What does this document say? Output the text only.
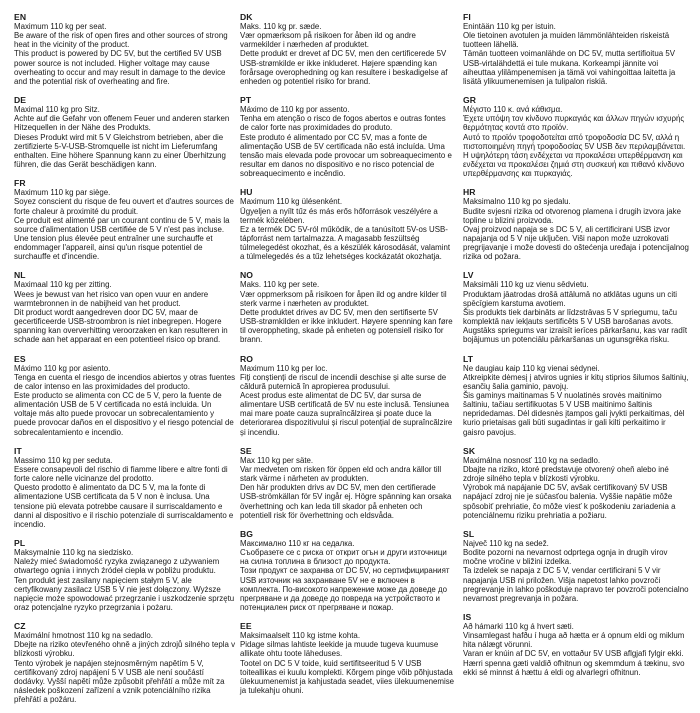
EN

Maximum 110 kg per seat.
Be aware of the risk of open fires and other sources of strong heat in the vicinity of the product.
This product is powered by DC 5V, but the certified 5V USB power source is not included. Higher voltage may cause overheating to occur and may result in damage to the device and the potential risk of overheating and fire.

DE

Maximal 110 kg pro Sitz.
Achte auf die Gefahr von offenem Feuer und anderen starken Hitzequellen in der Nähe des Produkts.
Dieses Produkt wird mit 5 V Gleichstrom betrieben, aber die zertifizierte 5-V-USB-Stromquelle ist nicht im Lieferumfang enthalten. Eine höhere Spannung kann zu einer Überhitzung führen, die das Gerät beschädigen kann.

FR

Maximum 110 kg par siège.
Soyez conscient du risque de feu ouvert et d'autres sources de forte chaleur à proximité du produit.
Ce produit est alimenté par un courant continu de 5 V, mais la source d'alimentation USB certifiée de 5 V n'est pas incluse. Une tension plus élevée peut entraîner une surchauffe et endommager l'appareil, ainsi qu'un risque potentiel de surchauffe et d'incendie.

NL

Maximaal 110 kg per zitting.
Wees je bewust van het risico van open vuur en andere warmtebronnen in de nabijheid van het product.
Dit product wordt aangedreven door DC 5V, maar de gecertificeerde USB-stroombron is niet inbegrepen. Hogere spanning kan oververhitting veroorzaken en kan resulteren in schade aan het apparaat en een potentieel risico op brand.

ES

Máximo 110 kg por asiento.
Tenga en cuenta el riesgo de incendios abiertos y otras fuentes de calor intenso en las proximidades del producto.
Este producto se alimenta con CC de 5 V, pero la fuente de alimentación USB de 5 V certificada no está incluida. Un voltaje más alto puede provocar un sobrecalentamiento y puede provocar daños en el dispositivo y el riesgo potencial de sobrecalentamiento e incendio.

IT

Massimo 110 kg per seduta.
Essere consapevoli del rischio di fiamme libere e altre fonti di forte calore nelle vicinanze del prodotto.
Questo prodotto è alimentato da DC 5 V, ma la fonte di alimentazione USB certificata da 5 V non è inclusa. Una tensione più elevata potrebbe causare il surriscaldamento e danni al dispositivo e il rischio potenziale di surriscaldamento e incendio.

PL

Maksymalnie 110 kg na siedzisko.
Należy mieć świadomość ryzyka związanego z używaniem otwartego ognia i innych źródeł ciepła w pobliżu produktu.
Ten produkt jest zasilany napięciem stałym 5 V, ale certyfikowany zasilacz USB 5 V nie jest dołączony. Wyższe napięcie może spowodować przegrzanie i uszkodzenie sprzętu oraz potencjalne ryzyko przegrzania i pożaru.

CZ

Maximální hmotnost 110 kg na sedadlo.
Dbejte na riziko otevřeného ohně a jiných zdrojů silného tepla v blízkosti výrobku.
Tento výrobek je napájen stejnosměrným napětím 5 V, certifikovaný zdroj napájení 5 V USB ale není součástí dodávky. Vyšší napětí může způsobit přehřátí a může mít za následek poškození zařízení a vznik potenciálního rizika přehřátí a požáru.

DK

Maks. 110 kg pr. sæde.
Vær opmærksom på risikoen for åben ild og andre varmekilder i nærheden af produktet.
Dette produkt er drevet af DC 5V, men den certificerede 5V USB-strømkilde er ikke inkluderet. Højere spænding kan forårsage overophedning og kan resultere i beskadigelse af enheden og potentiel risiko for brand.

PT

Máximo de 110 kg por assento.
Tenha em atenção o risco de fogos abertos e outras fontes de calor forte nas proximidades do produto.
Este produto é alimentado por CC 5V, mas a fonte de alimentação USB de 5V certificada não está incluída. Uma tensão mais elevada pode provocar um sobreaquecimento e resultar em danos no dispositivo e no risco potencial de sobreaquecimento e incêndio.

HU

Maximum 110 kg ülésenként.
Ügyeljen a nyílt tűz és más erős hőforrások veszélyére a termék közelében.
Ez a termék DC 5V-ról működik, de a tanúsított 5V-os USB-tápforrást nem tartalmazza. A magasabb feszültség túlmelegedést okozhat, és a készülék károsodását, valamint a túlmelegedés és a tűz lehetséges kockázatát okozhatja.

NO

Maks. 110 kg per sete.
Vær oppmerksom på risikoen for åpen ild og andre kilder til sterk varme i nærheten av produktet.
Dette produktet drives av DC 5V, men den sertifiserte 5V USB-strømkilden er ikke inkludert. Høyere spenning kan føre til overoppheting, skade på enheten og potensiell risiko for brann.

RO

Maximum 110 kg per loc.
Fiți conștienți de riscul de incendii deschise și alte surse de căldură puternică în apropierea produsului.
Acest produs este alimentat de DC 5V, dar sursa de alimentare USB certificată de 5V nu este inclusă. Tensiunea mai mare poate cauza supraîncălzirea și poate duce la deteriorarea dispozitivului și riscul potențial de supraîncălzire și incendiu.

SE

Max 110 kg per säte.
Var medveten om risken för öppen eld och andra källor till stark värme i närheten av produkten.
Den här produkten drivs av DC 5V, men den certifierade USB-strömkällan för 5V ingår ej. Högre spänning kan orsaka överhettning och kan leda till skador på enheten och potentiell risk för överhettning och eldsvåda.

BG

Максимално 110 кг на седалка.
Съобразете се с риска от открит огън и други източници на силна топлина в близост до продукта.
Този продукт се захранва от DC 5V, но сертифицираният USB източник на захранване 5V не е включен в комплекта. По-високото напрежение може да доведе до прегряване и да доведе до повреда на устройството и потенциален риск от прегряване и пожар.

EE

Maksimaalselt 110 kg istme kohta.
Pidage silmas lahtiste leekide ja muude tugeva kuumuse allikate ohtu toote läheduses.
Tootel on DC 5 V toide, kuid sertifitseeritud 5 V USB toiteallikas ei kuulu komplekti. Kõrgem pinge võib põhjustada ülekuumenemist ja kahjustada seadet, viies ülekuumenemise ja tulekahju ohuni.

FI

Enintään 110 kg per istuin.
Ole tietoinen avotulen ja muiden lämmönlähteiden riskeistä tuotteen lähellä.
Tämän tuotteen voimanlähde on DC 5V, mutta sertifioitua 5V USB-virtalähdettä ei tule mukana. Korkeampi jännite voi aiheuttaa ylilämpenemisen ja tämä voi vahingoittaa laitetta ja lisätä ylikuumenemisen ja tulipalon riskiä.

GR

Μέγιστο 110 κ. ανά κάθισμα.
Έχετε υπόψη τον κίνδυνο πυρκαγιάς και άλλων πηγών ισχυρής θερμότητας κοντά στο προϊόν.
Αυτό το προϊόν τροφοδοτείται από τροφοδοσία DC 5V, αλλά η πιστοποιημένη πηγή τροφοδοσίας 5V USB δεν περιλαμβάνεται. Η υψηλότερη τάση ενδέχεται να προκαλέσει υπερθέρμανση και ενδέχεται να προκαλέσει ζημιά στη συσκευή και πιθανό κίνδυνο υπερθέρμανσης και πυρκαγιάς.

HR

Maksimalno 110 kg po sjedalu.
Budite svjesni rizika od otvorenog plamena i drugih izvora jake topline u blizini proizvoda.
Ovaj proizvod napaja se s DC 5 V, ali certificirani USB izvor napajanja od 5 V nije uključen. Viši napon može uzrokovati pregrijavanje i može dovesti do oštećenja uređaja i potencijalnog rizika od požara.

LV

Maksimāli 110 kg uz vienu sēdvietu.
Produktam jāatrodas drošā attālumā no atklātas uguns un citi spēcīgiem karstuma avotiem.
Šis produkts tiek darbināts ar līdzstrāvas 5 V spriegumu, taču komplektā nav iekļauts sertificēts 5 V USB barošanas avots. Augstāks spriegums var izraisīt ierīces pārkaršanu, kas var radīt bojājumus un potenciālu pārkaršanas un ugunsgrēka risku.

LT

Ne daugiau kaip 110 kg vienai sėdynei.
Atkreipkite dėmesį į atviros ugnies ir kitų stiprios šilumos šaltinių, esančių šalia gaminio, pavojų.
Šis gaminys maitinamas 5 V nuolatinės srovės maitinimo šaltiniu, tačiau sertifikuotas 5 V USB maitinimo šaltinis nepridedamas. Dėl didesnės įtampos gali įvykti perkaitimas, dėl kurio prietaisas gali būti sugadintas ir gali kilti perkaitimo ir gaisro pavojus.

SK

Maximálna nosnosť 110 kg na sedadlo.
Dbajte na riziko, ktoré predstavuje otvorený oheň alebo iné zdroje silného tepla v blízkosti výrobku.
Výrobok má napájanie DC 5V, avšak certifikovaný 5V USB napájací zdroj nie je súčasťou balenia. Vyššie napätie môže spôsobiť prehriatie, čo môže viesť k poškodeniu zariadenia a potenciálnemu riziku prehriatia a požiaru.

SL

Največ 110 kg na sedež.
Bodite pozorni na nevarnost odprtega ognja in drugih virov močne vročine v bližini izdelka.
Ta izdelek se napaja z DC 5 V, vendar certificirani 5 V vir napajanja USB ni priložen. Višja napetost lahko povzroči pregrevanje in lahko poškoduje napravo ter povzroči potencialno nevarnost pregrevanja in požara.

IS

Að hámarki 110 kg á hvert sæti.
Vinsamlegast hafðu í huga að hætta er á opnum eldi og miklum hita nálægt vörunni.
Varan er knúin af DC 5V, en vottaður 5V USB aflgjafi fylgir ekki. Hærri spenna gæti valdið ofhitnun og skemmdum á tækinu, svo ekki sé minnst á hættu á eldi og alvarlegri ofhitnun.
